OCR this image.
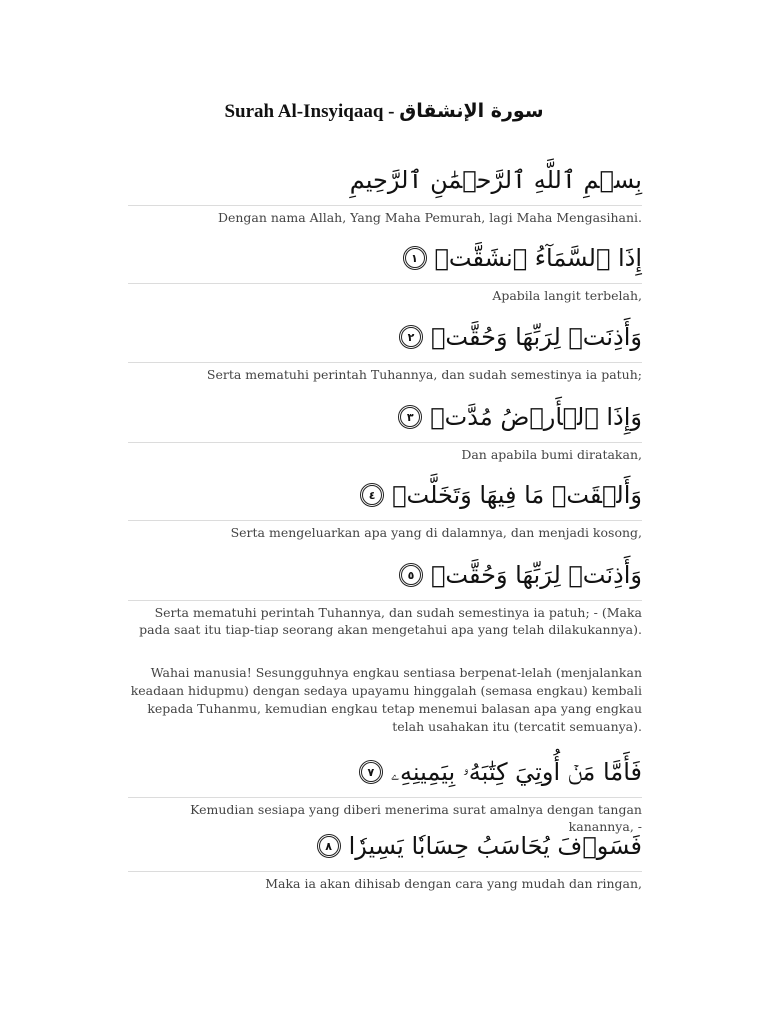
Surah Al-Insyiqaaq - سورة الإنشقاق
بِسۡمِ ٱللَّهِ ٱلرَّحۡمَٰنِ ٱلرَّحِيمِ
Dengan nama Allah, Yang Maha Pemurah, lagi Maha Mengasihani.
إِذَا ٱلسَّمَآءُ ٱنشَقَّتۡ
١
Apabila langit terbelah,
وَأَذِنَتۡ لِرَبِّهَا وَحُقَّتۡ
٢
Serta mematuhi perintah Tuhannya, dan sudah semestinya ia patuh;
وَإِذَا ٱلۡأَرۡضُ مُدَّتۡ
٣
Dan apabila bumi diratakan,
وَأَلۡقَتۡ مَا فِيهَا وَتَخَلَّتۡ
٤
Serta mengeluarkan apa yang di dalamnya, dan menjadi kosong,
وَأَذِنَتۡ لِرَبِّهَا وَحُقَّتۡ
٥
Serta mematuhi perintah Tuhannya, dan sudah semestinya ia patuh; - (Maka pada saat itu tiap-tiap seorang akan mengetahui apa yang telah dilakukannya).
Wahai manusia! Sesungguhnya engkau sentiasa berpenat-lelah (menjalankan keadaan hidupmu) dengan sedaya upayamu hinggalah (semasa engkau) kembali kepada Tuhanmu, kemudian engkau tetap menemui balasan apa yang engkau telah usahakan itu (tercatit semuanya).
فَأَمَّا مَنۡ أُوتِيَ كِتَٰبَهُۥ بِيَمِينِهِۦ
٧
Kemudian sesiapa yang diberi menerima surat amalnya dengan tangan kanannya, -
فَسَوۡفَ يُحَاسَبُ حِسَابٗا يَسِيرٗا
٨
Maka ia akan dihisab dengan cara yang mudah dan ringan,
